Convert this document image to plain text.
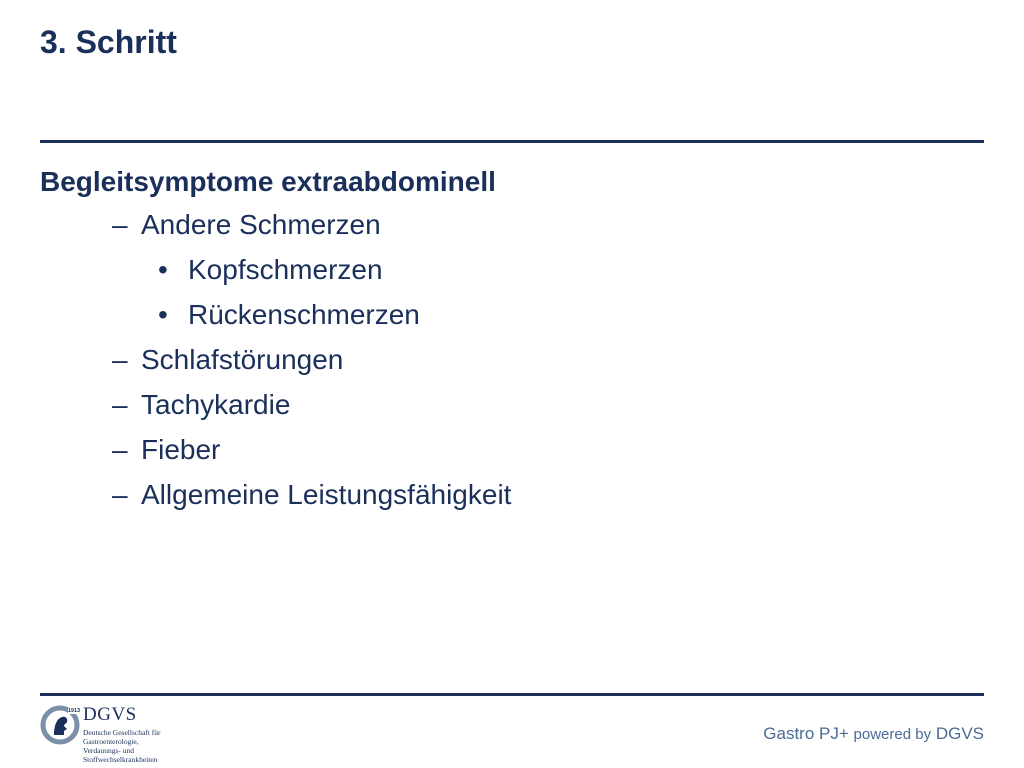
3. Schritt
Begleitsymptome extraabdominell
– Andere Schmerzen
• Kopfschmerzen
• Rückenschmerzen
– Schlafstörungen
– Tachykardie
– Fieber
– Allgemeine Leistungsfähigkeit
1913 DGVS
Deutsche Gesellschaft für
Gastroenterologie,
Verdauungs- und
Stoffwechselkrankheiten
Gastro PJ+ powered by DGVS
